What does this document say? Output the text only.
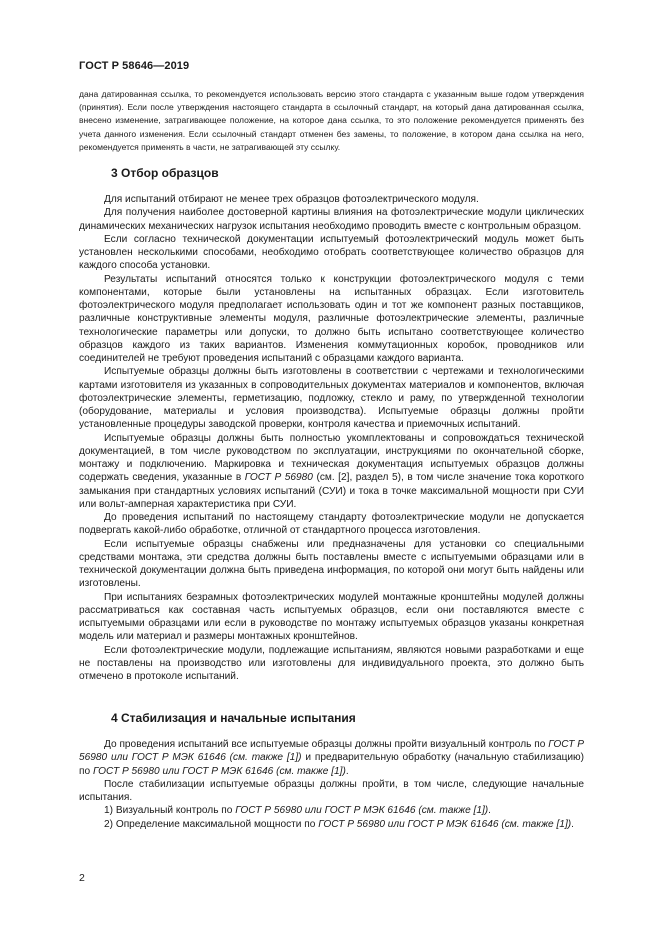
ГОСТ Р 58646—2019

дана датированная ссылка, то рекомендуется использовать версию этого стандарта с указанным выше годом утверждения (принятия). Если после утверждения настоящего стандарта в ссылочный стандарт, на который дана датированная ссылка, внесено изменение, затрагивающее положение, на которое дана ссылка, то это положение рекомендуется применять без учета данного изменения. Если ссылочный стандарт отменен без замены, то положение, в котором дана ссылка на него, рекомендуется применять в части, не затрагивающей эту ссылку.

3 Отбор образцов

Для испытаний отбирают не менее трех образцов фотоэлектрического модуля.

Для получения наиболее достоверной картины влияния на фотоэлектрические модули циклических динамических механических нагрузок испытания необходимо проводить вместе с контрольным образцом.

Если согласно технической документации испытуемый фотоэлектрический модуль может быть установлен несколькими способами, необходимо отобрать соответствующее количество образцов для каждого способа установки.

Результаты испытаний относятся только к конструкции фотоэлектрического модуля с теми компонентами, которые были установлены на испытанных образцах. Если изготовитель фотоэлектрического модуля предполагает использовать один и тот же компонент разных поставщиков, различные конструктивные элементы модуля, различные фотоэлектрические элементы, различные технологические параметры или допуски, то должно быть испытано соответствующее количество образцов каждого из таких вариантов. Изменения коммутационных коробок, проводников или соединителей не требуют проведения испытаний с образцами каждого варианта.

Испытуемые образцы должны быть изготовлены в соответствии с чертежами и технологическими картами изготовителя из указанных в сопроводительных документах материалов и компонентов, включая фотоэлектрические элементы, герметизацию, подложку, стекло и раму, по утвержденной технологии (оборудование, материалы и условия производства). Испытуемые образцы должны пройти установленные процедуры заводской проверки, контроля качества и приемочных испытаний.

Испытуемые образцы должны быть полностью укомплектованы и сопровождаться технической документацией, в том числе руководством по эксплуатации, инструкциями по окончательной сборке, монтажу и подключению. Маркировка и техническая документация испытуемых образцов должны содержать сведения, указанные в ГОСТ Р 56980 (см. [2], раздел 5), в том числе значение тока короткого замыкания при стандартных условиях испытаний (СУИ) и тока в точке максимальной мощности при СУИ или вольт-амперная характеристика при СУИ.

До проведения испытаний по настоящему стандарту фотоэлектрические модули не допускается подвергать какой-либо обработке, отличной от стандартного процесса изготовления.

Если испытуемые образцы снабжены или предназначены для установки со специальными средствами монтажа, эти средства должны быть поставлены вместе с испытуемыми образцами или в технической документации должна быть приведена информация, по которой они могут быть найдены или изготовлены.

При испытаниях безрамных фотоэлектрических модулей монтажные кронштейны модулей должны рассматриваться как составная часть испытуемых образцов, если они поставляются вместе с испытуемыми образцами или если в руководстве по монтажу испытуемых образцов указаны конкретная модель или материал и размеры монтажных кронштейнов.

Если фотоэлектрические модули, подлежащие испытаниям, являются новыми разработками и еще не поставлены на производство или изготовлены для индивидуального проекта, это должно быть отмечено в протоколе испытаний.

4 Стабилизация и начальные испытания

До проведения испытаний все испытуемые образцы должны пройти визуальный контроль по ГОСТ Р 56980 или ГОСТ Р МЭК 61646 (см. также [1]) и предварительную обработку (начальную стабилизацию) по ГОСТ Р 56980 или ГОСТ Р МЭК 61646 (см. также [1]).

После стабилизации испытуемые образцы должны пройти, в том числе, следующие начальные испытания.

1) Визуальный контроль по ГОСТ Р 56980 или ГОСТ Р МЭК 61646 (см. также [1]).

2) Определение максимальной мощности по ГОСТ Р 56980 или ГОСТ Р МЭК 61646 (см. также [1]).

2
